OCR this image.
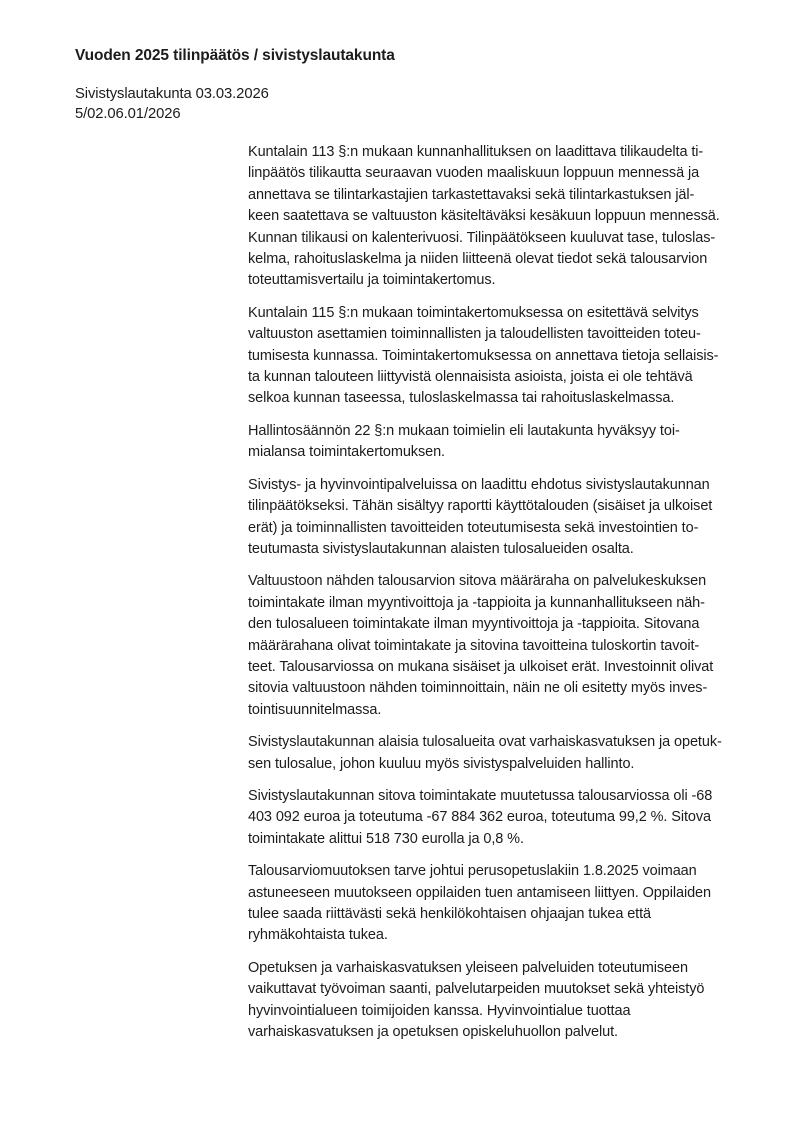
Vuoden 2025 tilinpäätös / sivistyslautakunta
Sivistyslautakunta 03.03.2026
5/02.06.01/2026
Kuntalain 113 §:n mukaan kunnanhallituksen on laadittava tilikaudelta ti-
linpäätös tilikautta seuraavan vuoden maaliskuun loppuun mennessä ja
annettava se tilintarkastajien tarkastettavaksi sekä tilintarkastuksen jäl-
keen saatettava se valtuuston käsiteltäväksi kesäkuun loppuun mennessä.
Kunnan tilikausi on kalenterivuosi. Tilinpäätökseen kuuluvat tase, tuloslas-
kelma, rahoituslaskelma ja niiden liitteenä olevat tiedot sekä talousarvion
toteuttamisvertailu ja toimintakertomus.
Kuntalain 115 §:n mukaan toimintakertomuksessa on esitettävä selvitys
valtuuston asettamien toiminnallisten ja taloudellisten tavoitteiden toteu-
tumisesta kunnassa. Toimintakertomuksessa on annettava tietoja sellaisis-
ta kunnan talouteen liittyvistä olennaisista asioista, joista ei ole tehtävä
selkoa kunnan taseessa, tuloslaskelmassa tai rahoituslaskelmassa.
Hallintosäännön 22 §:n mukaan toimielin eli lautakunta hyväksyy toi-
mialansa toimintakertomuksen.
Sivistys- ja hyvinvointipalveluissa on laadittu ehdotus sivistyslautakunnan
tilinpäätökseksi. Tähän sisältyy raportti käyttötalouden (sisäiset ja ulkoiset
erät) ja toiminnallisten tavoitteiden toteutumisesta sekä investointien to-
teutumasta sivistyslautakunnan alaisten tulosalueiden osalta.
Valtuustoon nähden talousarvion sitova määräraha on palvelukeskuksen
toimintakate ilman myyntivoittoja ja -tappioita ja kunnanhallitukseen näh-
den tulosalueen toimintakate ilman myyntivoittoja ja -tappioita. Sitovana
määrärahana olivat toimintakate ja sitovina tavoitteina tuloskortin tavoit-
teet. Talousarviossa on mukana sisäiset ja ulkoiset erät. Investoinnit olivat
sitovia valtuustoon nähden toiminnoittain, näin ne oli esitetty myös inves-
tointisuunnitelmassa.
Sivistyslautakunnan alaisia tulosalueita ovat varhaiskasvatuksen ja opetuk-
sen tulosalue, johon kuuluu myös sivistyspalveluiden hallinto.
Sivistyslautakunnan sitova toimintakate muutetussa talousarviossa oli -68
403 092 euroa ja toteutuma -67 884 362 euroa, toteutuma 99,2 %. Sitova
toimintakate alittui 518 730 eurolla ja 0,8 %.
Talousarviomuutoksen tarve johtui perusopetuslakiin 1.8.2025 voimaan
astuneeseen muutokseen oppilaiden tuen antamiseen liittyen. Oppilaiden
tulee saada riittävästi sekä henkilökohtaisen ohjaajan tukea että
ryhmäkohtaista tukea.
Opetuksen ja varhaiskasvatuksen yleiseen palveluiden toteutumiseen
vaikuttavat työvoiman saanti, palvelutarpeiden muutokset sekä yhteistyö
hyvinvointialueen toimijoiden kanssa. Hyvinvointialue tuottaa
varhaiskasvatuksen ja opetuksen opiskeluhuollon palvelut.
